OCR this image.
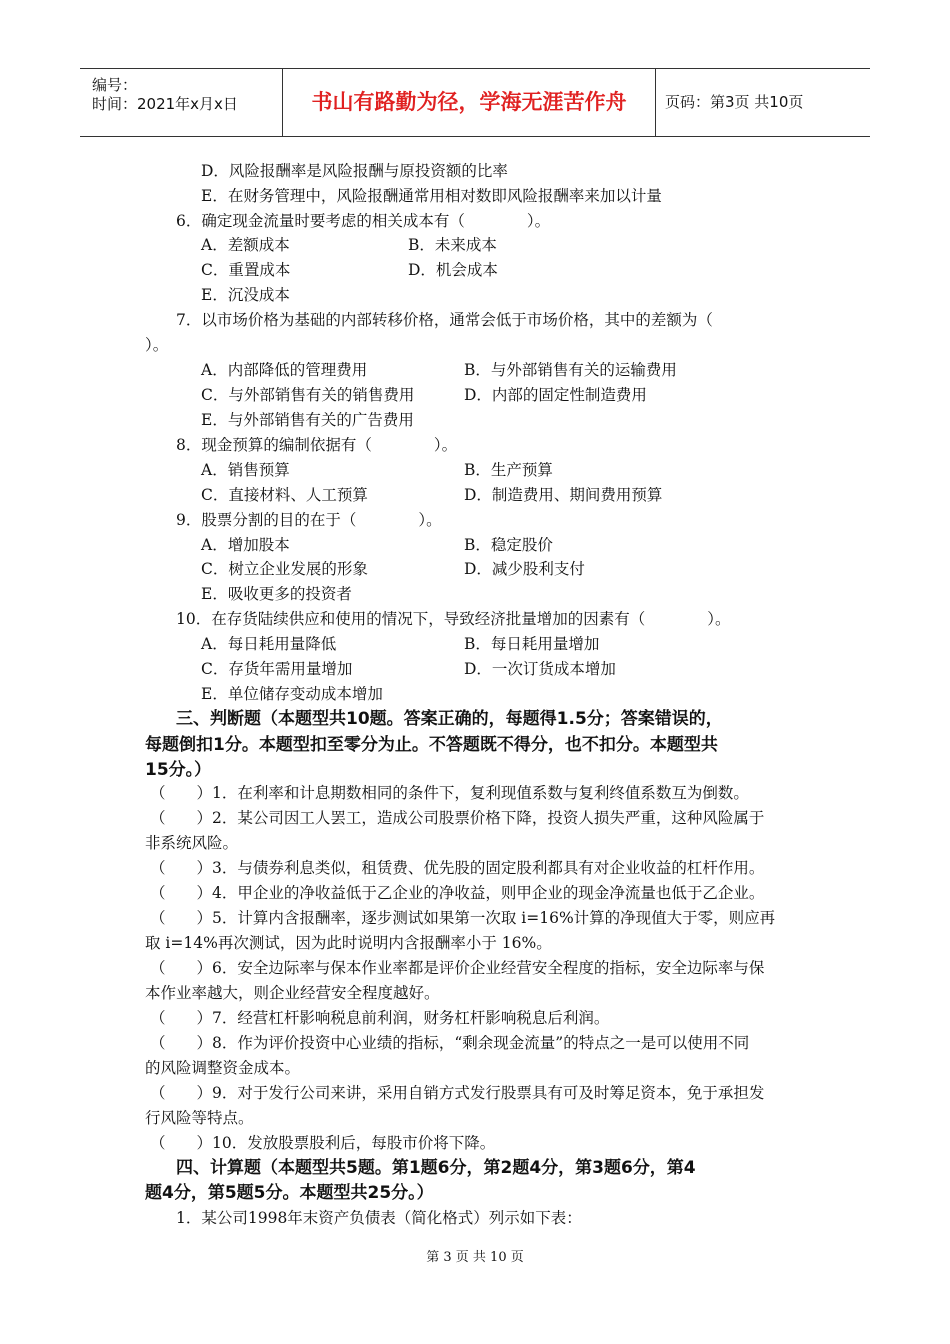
编号：
时间：2021年x月x日	书山有路勤为径，学海无涯苦作舟	页码：第3页 共10页
D．风险报酬率是风险报酬与原投资额的比率
E．在财务管理中，风险报酬通常用相对数即风险报酬率来加以计量
6．确定现金流量时要考虑的相关成本有（　　　　）。
A．差额成本	B．未来成本
C．重置成本	D．机会成本
E．沉没成本
7．以市场价格为基础的内部转移价格，通常会低于市场价格，其中的差额为（
）。
A．内部降低的管理费用	B．与外部销售有关的运输费用
C．与外部销售有关的销售费用	D．内部的固定性制造费用
E．与外部销售有关的广告费用
8．现金预算的编制依据有（　　　　）。
A．销售预算	B．生产预算
C．直接材料、人工预算	D．制造费用、期间费用预算
9．股票分割的目的在于（　　　　）。
A．增加股本	B．稳定股价
C．树立企业发展的形象	D．减少股利支付
E．吸收更多的投资者
10．在存货陆续供应和使用的情况下，导致经济批量增加的因素有（　　　　）。
A．每日耗用量降低	B．每日耗用量增加
C．存货年需用量增加	D．一次订货成本增加
E．单位储存变动成本增加
三、判断题（本题型共10题。答案正确的，每题得1.5分；答案错误的，
每题倒扣1分。本题型扣至零分为止。不答题既不得分，也不扣分。本题型共
15分。）
（　　）1．在利率和计息期数相同的条件下，复利现值系数与复利终值系数互为倒数。
（　　）2．某公司因工人罢工，造成公司股票价格下降，投资人损失严重，这种风险属于
非系统风险。
（　　）3．与债券利息类似，租赁费、优先股的固定股利都具有对企业收益的杠杆作用。
（　　）4．甲企业的净收益低于乙企业的净收益，则甲企业的现金净流量也低于乙企业。
（　　）5．计算内含报酬率，逐步测试如果第一次取 i=16%计算的净现值大于零，则应再
取 i=14%再次测试，因为此时说明内含报酬率小于 16%。
（　　）6．安全边际率与保本作业率都是评价企业经营安全程度的指标，安全边际率与保
本作业率越大，则企业经营安全程度越好。
（　　）7．经营杠杆影响税息前利润，财务杠杆影响税息后利润。
（　　）8．作为评价投资中心业绩的指标，“剩余现金流量”的特点之一是可以使用不同
的风险调整资金成本。
（　　）9．对于发行公司来讲，采用自销方式发行股票具有可及时筹足资本，免于承担发
行风险等特点。
（　　）10．发放股票股利后，每股市价将下降。
四、计算题（本题型共5题。第1题6分，第2题4分，第3题6分，第4
题4分，第5题5分。本题型共25分。）
1．某公司1998年末资产负债表（简化格式）列示如下表：
第 3 页 共 10 页
